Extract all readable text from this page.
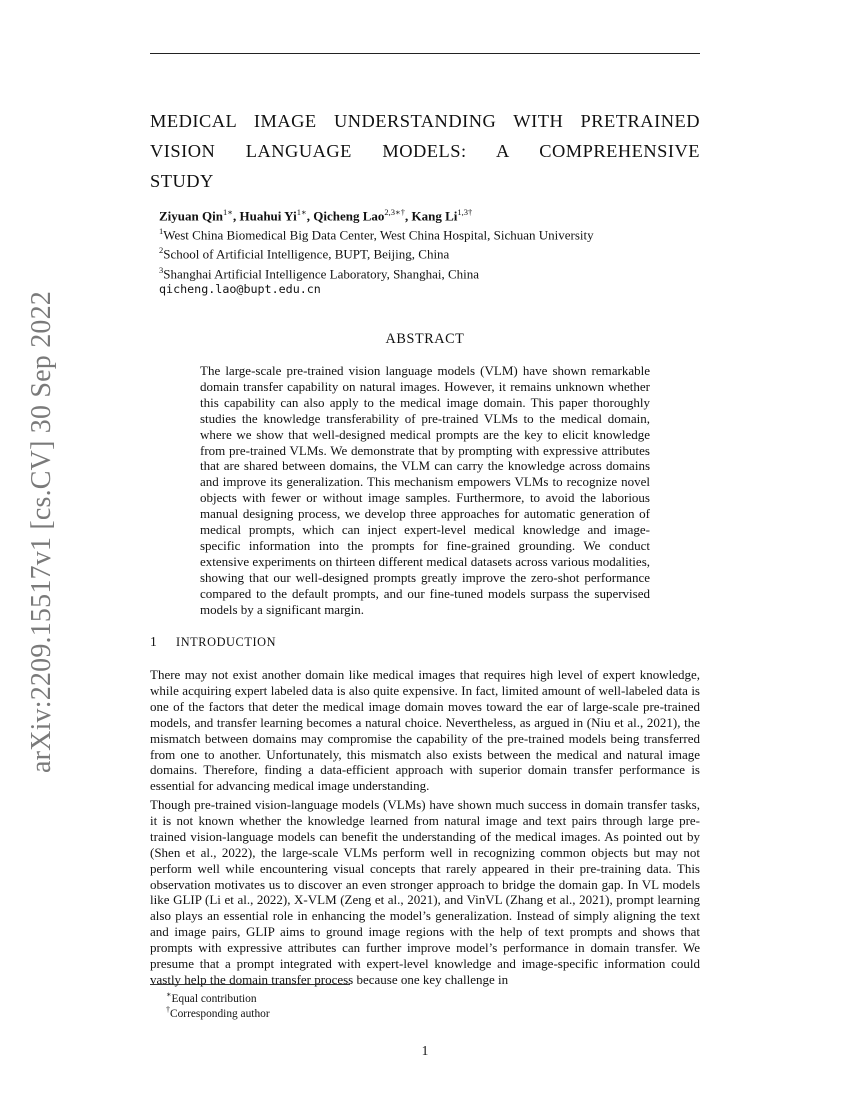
arXiv:2209.15517v1 [cs.CV] 30 Sep 2022
MEDICAL IMAGE UNDERSTANDING WITH PRETRAINED
VISION LANGUAGE MODELS: A COMPREHENSIVE
STUDY
Ziyuan Qin$^{1∗}$, Huahui $Yi^{1∗}$, Qicheng Lao$^{2,3∗\dagger}$, Kang $Li^{1,3\dagger}$
$^1$West China Biomedical Big Data Center, West China Hospital, Sichuan University
$^2$School of Artificial Intelligence, BUPT, Beijing, China
$^3$Shanghai Artificial Intelligence Laboratory, Shanghai, China
qicheng.lao@bupt.edu.cn
ABSTRACT

The large-scale pre-trained vision language models (VLM) have shown remarkable domain transfer capability on natural images. However, it remains unknown whether this capability can also apply to the medical image domain. This paper thoroughly studies the knowledge transferability of pre-trained VLMs to the medical domain, where we show that well-designed medical prompts are the key to elicit knowledge from pre-trained VLMs. We demonstrate that by prompting with expressive attributes that are shared between domains, the VLM can carry the knowledge across domains and improve its generalization. This mechanism empowers VLMs to recognize novel objects with fewer or without image samples. Furthermore, to avoid the laborious manual designing process, we develop three approaches for automatic generation of medical prompts, which can inject expert-level medical knowledge and image-specific information into the prompts for fine-grained grounding. We conduct extensive experiments on thirteen different medical datasets across various modalities, showing that our well-designed prompts greatly improve the zero-shot performance compared to the default prompts, and our fine-tuned models surpass the supervised models by a significant margin.

1 INTRODUCTION

There may not exist another domain like medical images that requires high level of expert knowledge, while acquiring expert labeled data is also quite expensive. In fact, limited amount of well-labeled data is one of the factors that deter the medical image domain moves toward the ear of large-scale pre-trained models, and transfer learning becomes a natural choice. Nevertheless, as argued in (Niu et al., 2021), the mismatch between domains may compromise the capability of the pre-trained models being transferred from one to another. Unfortunately, this mismatch also exists between the medical and natural image domains. Therefore, finding a data-efficient approach with superior domain transfer performance is essential for advancing medical image understanding.

Though pre-trained vision-language models (VLMs) have shown much success in domain transfer tasks, it is not known whether the knowledge learned from natural image and text pairs through large pre-trained vision-language models can benefit the understanding of the medical images. As pointed out by (Shen et al., 2022), the large-scale VLMs perform well in recognizing common objects but may not perform well while encountering visual concepts that rarely appeared in their pre-training data. This observation motivates us to discover an even stronger approach to bridge the domain gap. In VL models like GLIP (Li et al., 2022), X-VLM (Zeng et al., 2021), and VinVL (Zhang et al., 2021), prompt learning also plays an essential role in enhancing the model’s generalization. Instead of simply aligning the text and image pairs, GLIP aims to ground image regions with the help of text prompts and shows that prompts with expressive attributes can further improve model’s performance in domain transfer. We presume that a prompt integrated with expert-level knowledge and image-specific information could vastly help the domain transfer process because one key challenge in

∗Equal contribution
†Corresponding author
1
